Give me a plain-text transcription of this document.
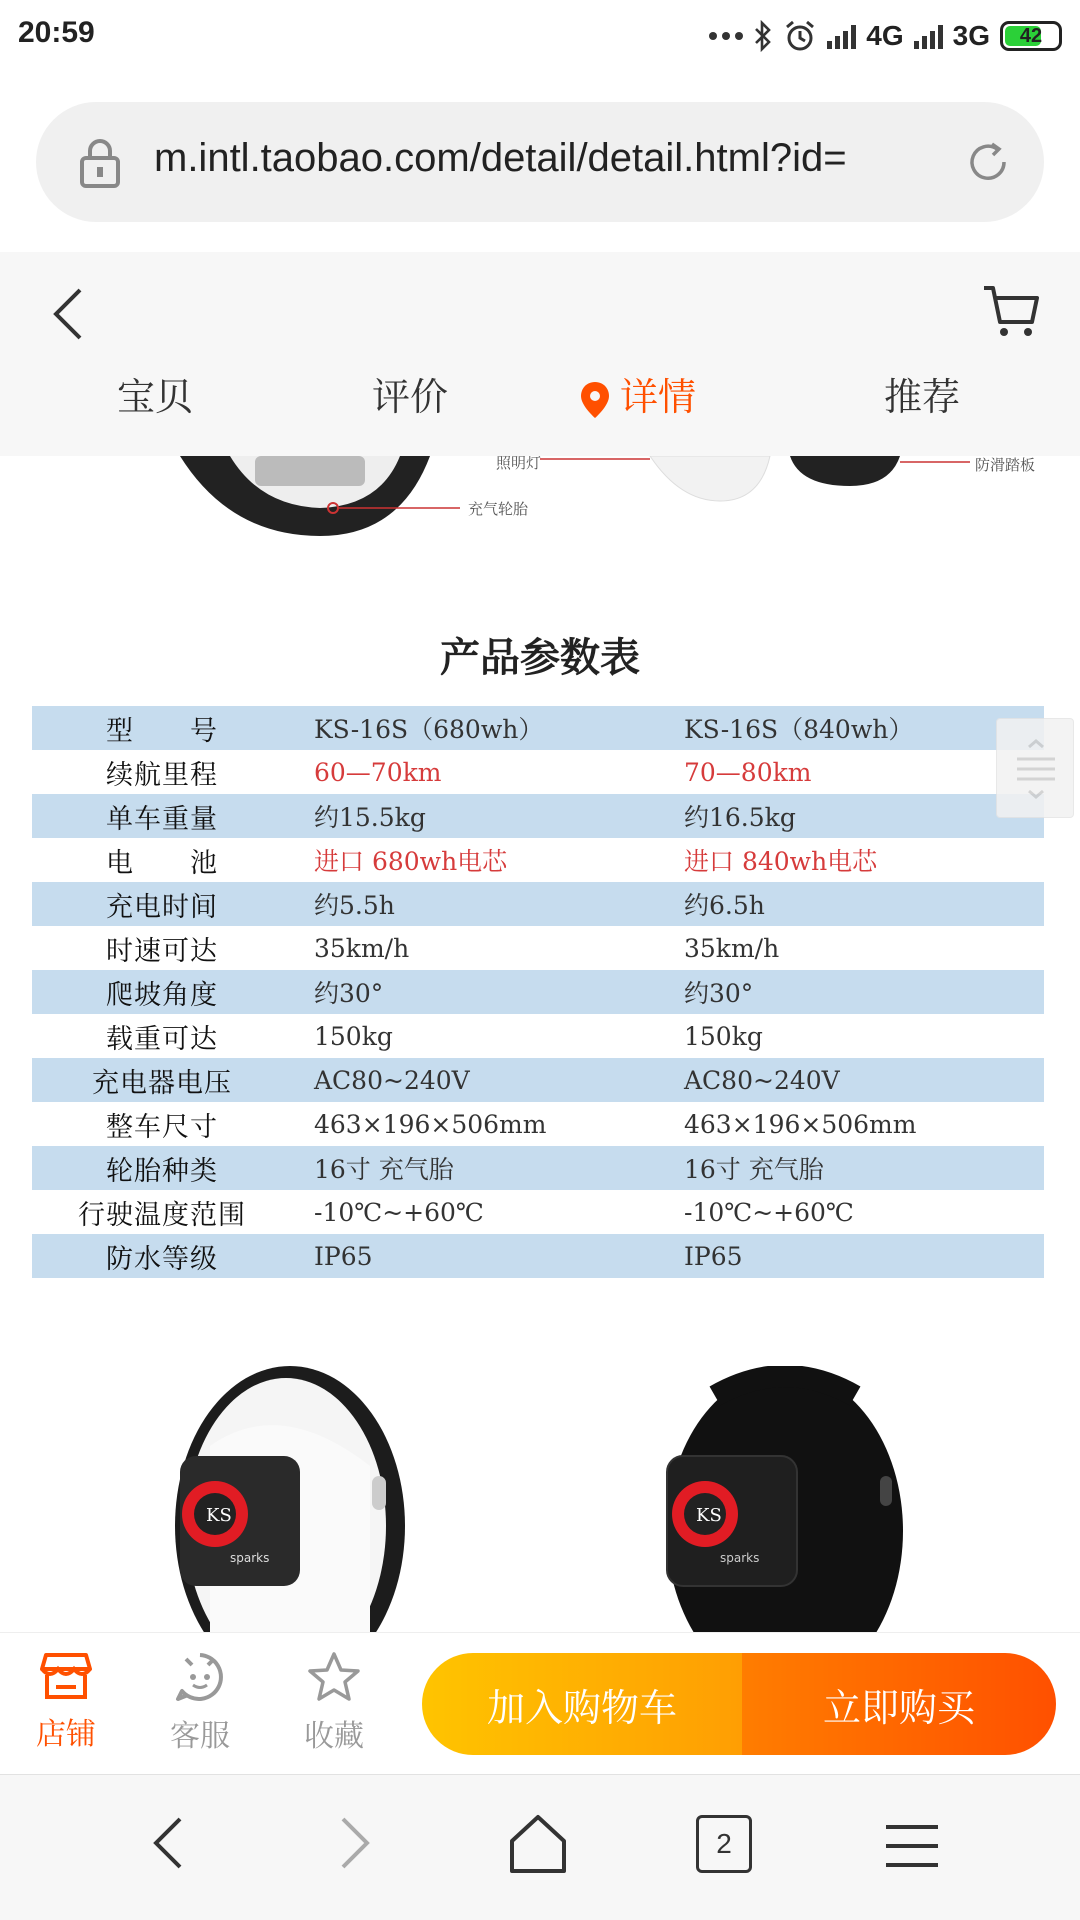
20:59	4G 3G 42
m.intl.taobao.com/detail/detail.html?id=
宝贝	评价	详情	推荐
照明灯	防滑踏板
充气轮胎
产品参数表
型　　号	KS-16S（680wh）	KS-16S（840wh）
续航里程	60—70km	70—80km
单车重量	约15.5kg	约16.5kg
电　　池	进口 680wh电芯	进口 840wh电芯
充电时间	约5.5h	约6.5h
时速可达	35km/h	35km/h
爬坡角度	约30°	约30°
载重可达	150kg	150kg
充电器电压	AC80~240V	AC80~240V
整车尺寸	463×196×506mm	463×196×506mm
轮胎种类	16寸 充气胎	16寸 充气胎
行驶温度范围	-10℃~+60℃	-10℃~+60℃
防水等级	IP65	IP65
KS
sparks
KS
sparks
店铺	客服	收藏
加入购物车	立即购买
2
